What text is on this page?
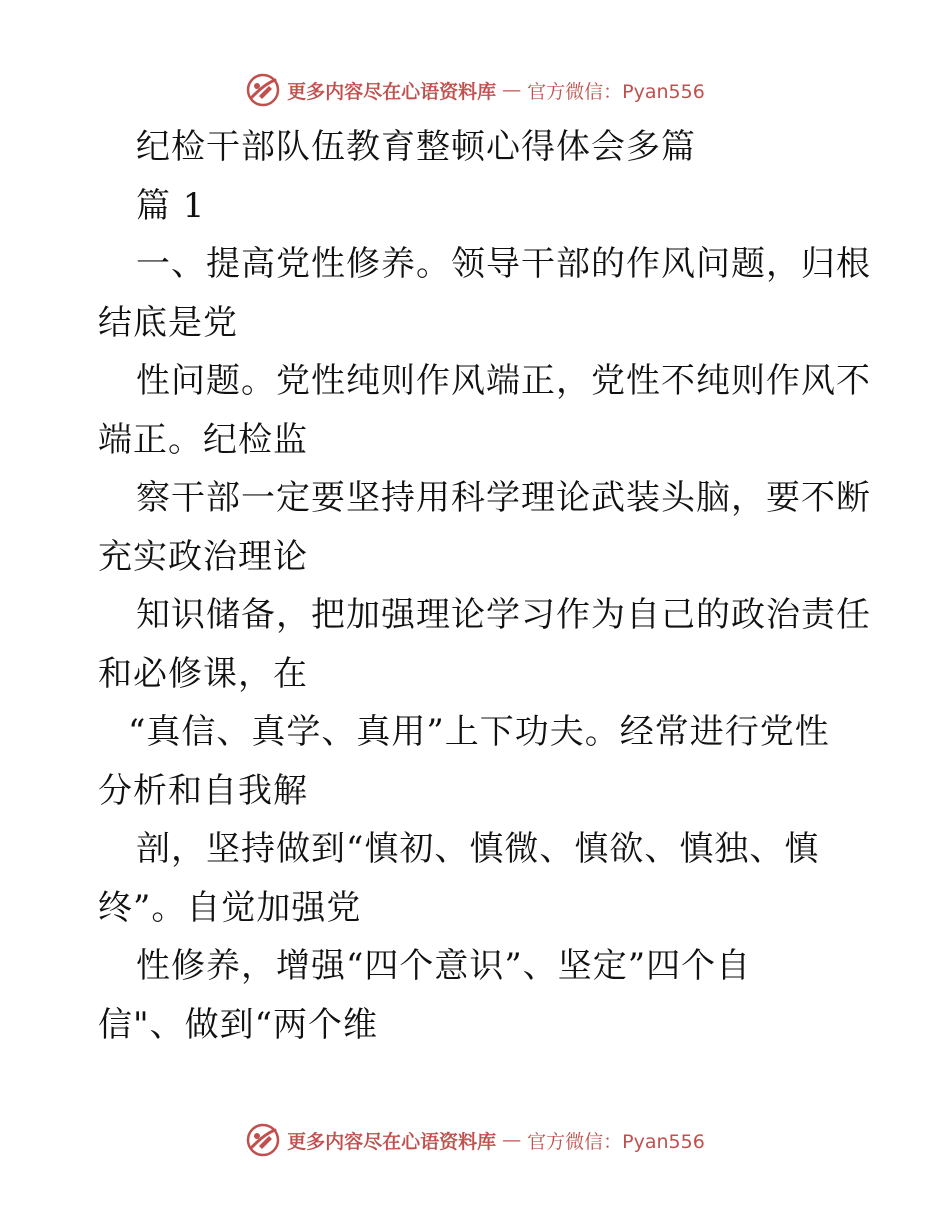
更多内容尽在心语资料库 — 官方微信：Pyan556
纪检干部队伍教育整顿心得体会多篇
篇 1
一、提高党性修养。领导干部的作风问题，归根
结底是党
性问题。党性纯则作风端正，党性不纯则作风不
端正。纪检监
察干部一定要坚持用科学理论武装头脑，要不断
充实政治理论
知识储备，把加强理论学习作为自己的政治责任
和必修课，在
“真信、真学、真用”上下功夫。经常进行党性
分析和自我解
剖，坚持做到“慎初、慎微、慎欲、慎独、慎
终”。自觉加强党
性修养，增强“四个意识”、坚定”四个自
信"、做到“两个维
更多内容尽在心语资料库 — 官方微信：Pyan556
